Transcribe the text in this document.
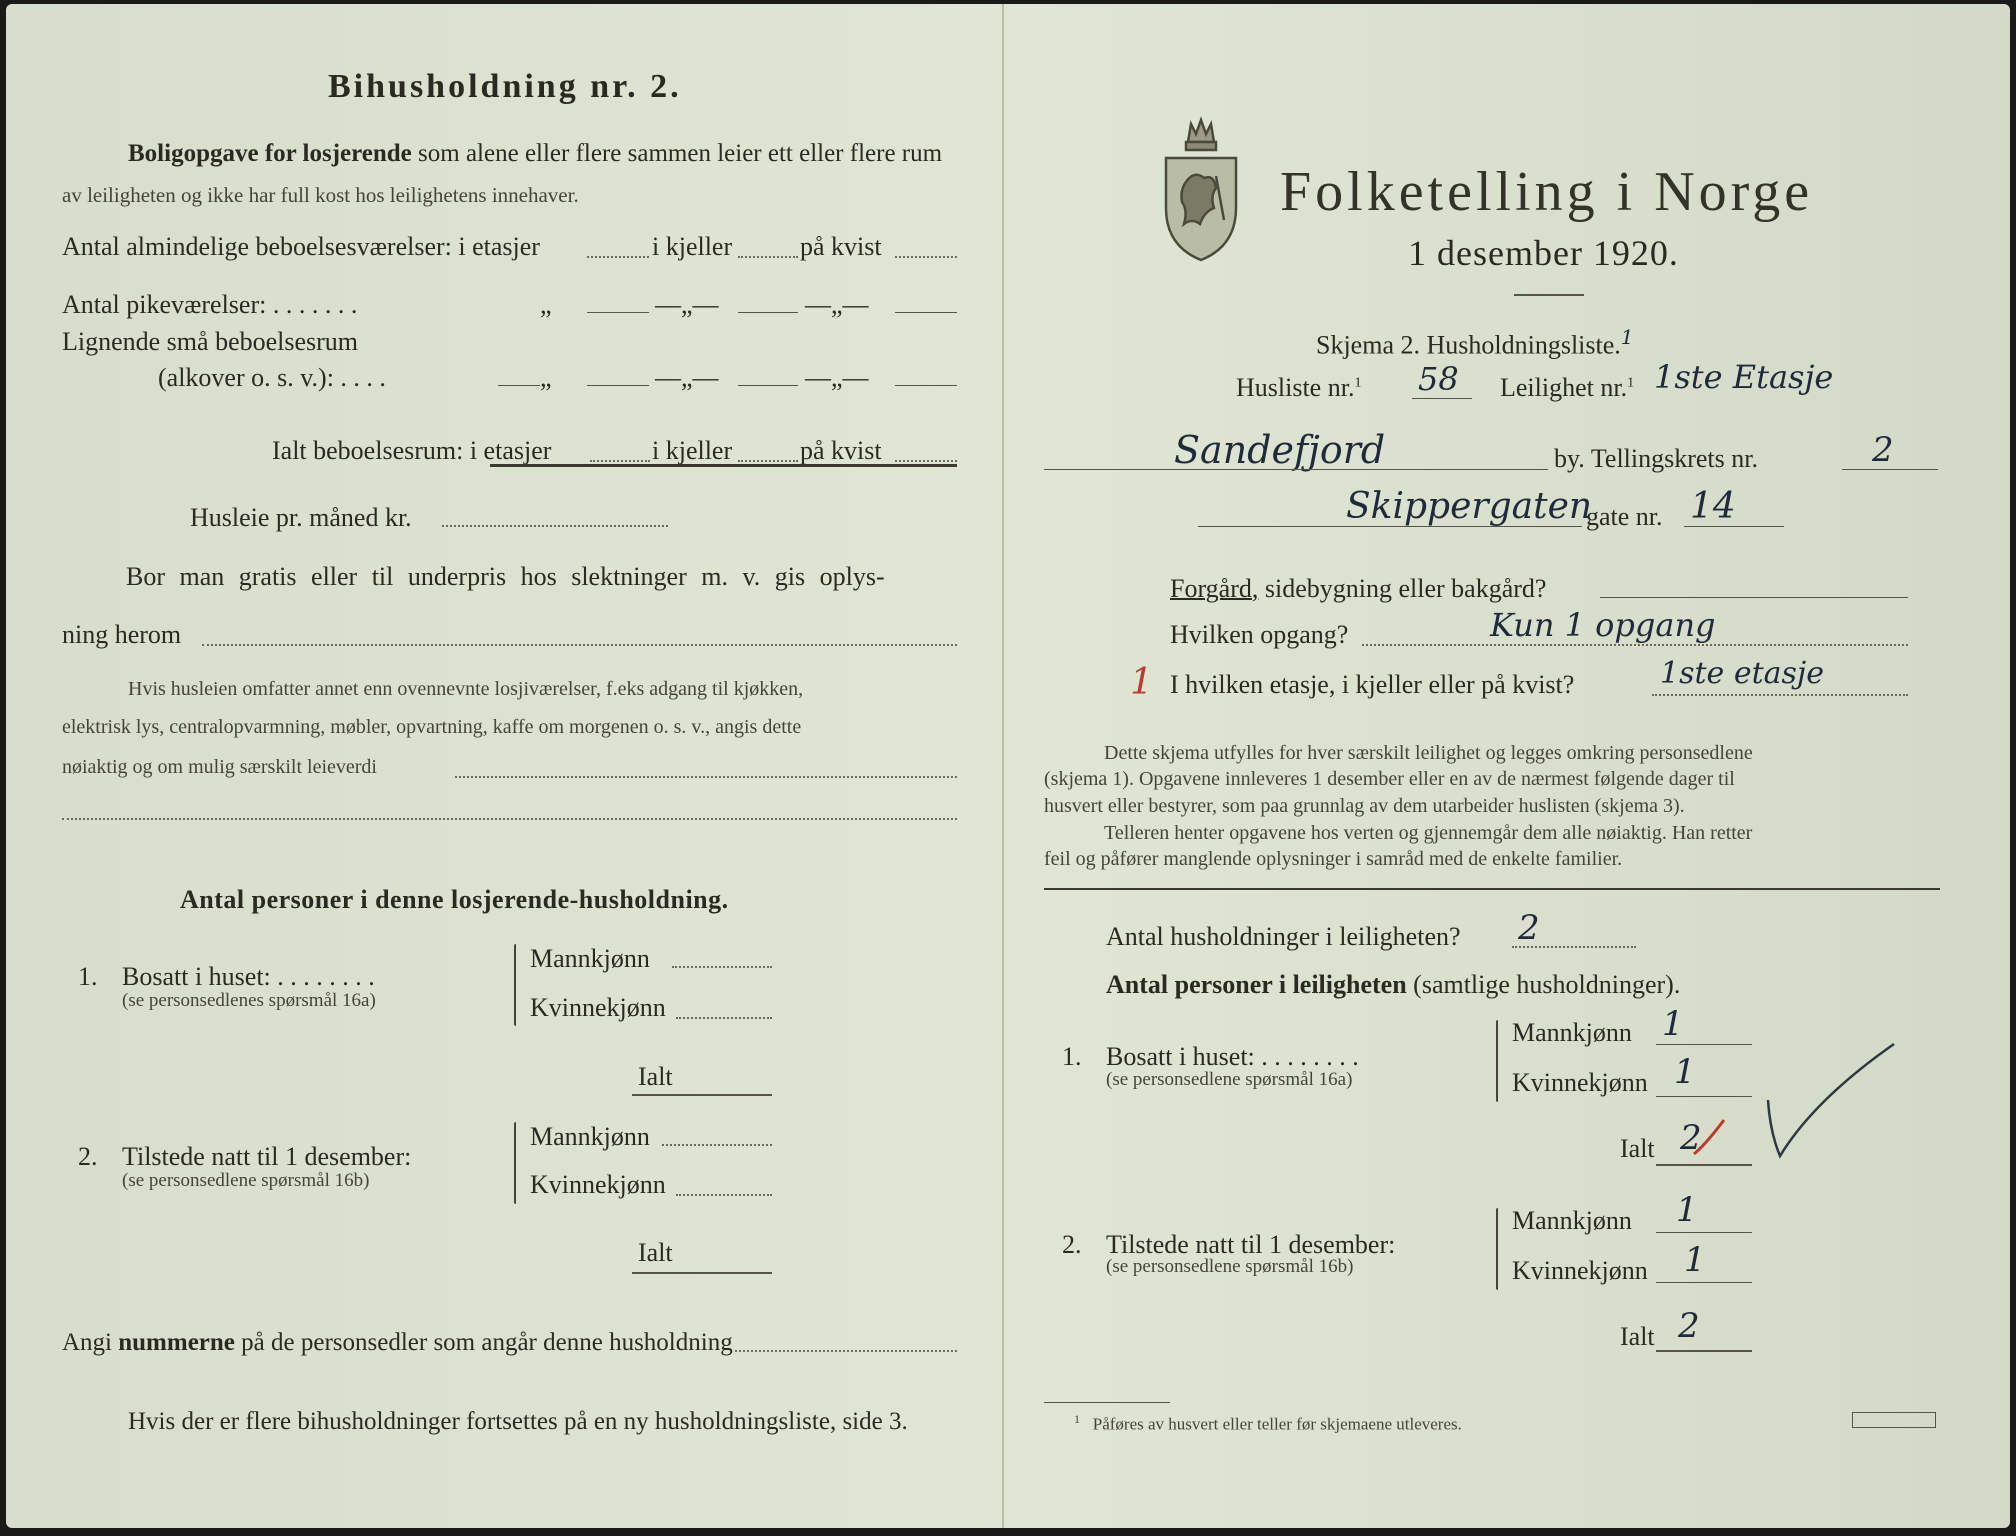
Bihusholdning nr. 2.
Boligopgave for losjerende som alene eller flere sammen leier ett eller flere rum
av leiligheten og ikke har full kost hos leilighetens innehaver.
Antal almindelige beboelsesværelser: i etasjer	i kjeller	på kvist
Antal pikeværelser: . . . . . . .	„	—„—	—„—
Lignende små beboelsesrum
(alkover o. s. v.): . . . .	„	—„—	—„—
Ialt beboelsesrum: i etasjer	i kjeller	på kvist
Husleie pr. måned kr.
Bor man gratis eller til underpris hos slektninger m. v. gis oplys-
ning herom
Hvis husleien omfatter annet enn ovennevnte losjiværelser, f.eks adgang til kjøkken,
elektrisk lys, centralopvarmning, møbler, opvartning, kaffe om morgenen o. s. v., angis dette
nøiaktig og om mulig særskilt leieverdi
Antal personer i denne losjerende-husholdning.
1. Bosatt i huset: . . . . . . . .
(se personsedlenes spørsmål 16a)
Mannkjønn
Kvinnekjønn
Ialt
2. Tilstede natt til 1 desember:
(se personsedlene spørsmål 16b)
Mannkjønn
Kvinnekjønn
Ialt
Angi nummerne på de personsedler som angår denne husholdning
Hvis der er flere bihusholdninger fortsettes på en ny husholdningsliste, side 3.
Folketelling i Norge
1 desember 1920.
Skjema 2. Husholdningsliste.$^1$
Husliste nr.$^1$ 58 Leilighet nr.$^1$ 1ste Etasje
Sandefjord	by. Tellingskrets nr.	2
Skippergaten
gate nr. 14
Forgård, sidebygning eller bakgård?
Hvilken opgang?	Kun 1 opgang
1 I hvilken etasje, i kjeller eller på kvist?	1ste etasje
Dette skjema utfylles for hver særskilt leilighet og legges omkring personsedlene
(skjema 1). Opgavene innleveres 1 desember eller en av de nærmest følgende dager til
husvert eller bestyrer, som paa grunnlag av dem utarbeider huslisten (skjema 3).
Telleren henter opgavene hos verten og gjennemgår dem alle nøiaktig. Han retter
feil og påfører manglende oplysninger i samråd med de enkelte familier.
Antal husholdninger i leiligheten? 2
Antal personer i leiligheten (samtlige husholdninger).
1. Bosatt i huset: . . . . . . . .
(se personsedlene spørsmål 16a)
Mannkjønn 1
Kvinnekjønn 1
Ialt 2
2. Tilstede natt til 1 desember:
(se personsedlene spørsmål 16b)
Mannkjønn 1
Kvinnekjønn 1
Ialt 2
$^1$ Påføres av husvert eller teller før skjemaene utleveres.
